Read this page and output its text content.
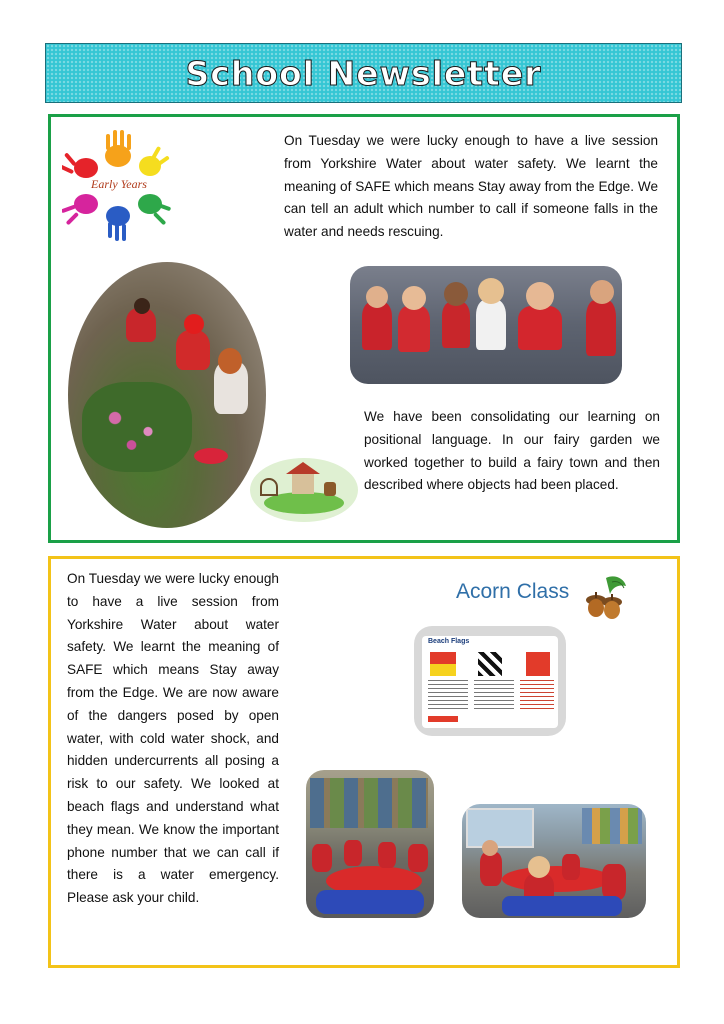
School Newsletter
Early Years
On Tuesday we were lucky enough to have a live session from Yorkshire Water about water safety. We learnt the meaning of SAFE which means Stay away from the Edge. We can tell an adult which number to call if someone falls in the water and needs rescuing.
We have been consolidating our learning on positional language. In our fairy garden we worked together to build a fairy town and then described where objects had been placed.
On Tuesday we were lucky enough to have a live session from Yorkshire Water about water safety. We learnt the meaning of SAFE which means Stay away from the Edge. We are now aware of the dangers posed by open water, with cold water shock, and hidden undercurrents all posing a risk to our safety. We looked at beach flags and understand what they mean. We know the important phone number that we can call if there is a water emergency. Please ask your child.
Acorn Class
Beach Flags
